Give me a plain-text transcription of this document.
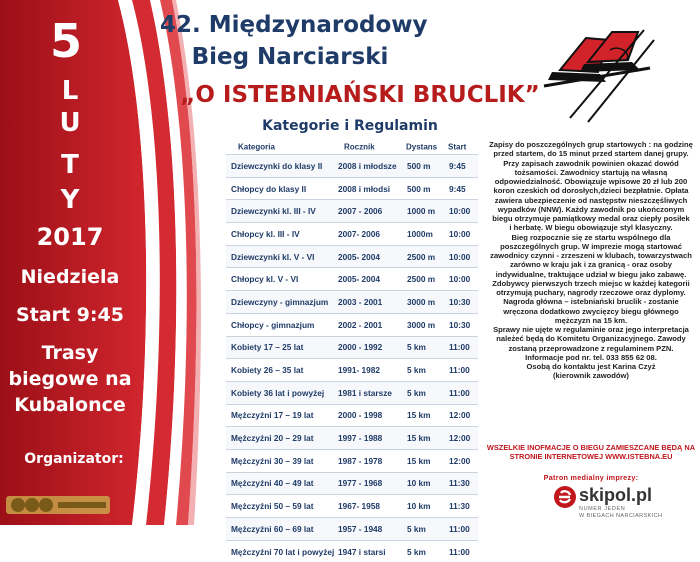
5
L
U
T
Y
2017
Niedziela
Start 9:45
Trasy
biegowe na
Kubalonce
Organizator:
42. Międzynarodowy
Bieg Narciarski
„O ISTEBNIAŃSKI BRUCLIK”
Kategorie i Regulamin
Kategoria	Rocznik	Dystans Start
Dziewczynki do klasy II 2008 i młodsze 500 m 9:45
Chłopcy do klasy II	2008 i młodsi 500 m 9:45
Dziewczynki kl. III - IV	2007 - 2006	1000 m 10:00
Chłopcy kl. III - IV	2007- 2006	1000m 10:00
Dziewczynki kl. V - VI	2005- 2004	2500 m 10:00
Chłopcy kl. V - VI	2005- 2004	2500 m 10:00
Dziewczyny - gimnazjum 2003 - 2001	3000 m 10:30
Chłopcy - gimnazjum	2002 - 2001	3000 m 10:30
Kobiety 17 – 25 lat	2000 - 1992	5 km	11:00
Kobiety 26 – 35 lat	1991- 1982	5 km	11:00
Kobiety 36 lat i powyżej 1981 i starsze 5 km	11:00
Mężczyźni 17 – 19 lat	2000 - 1998	15 km 12:00
Mężczyźni 20 – 29 lat	1997 - 1988	15 km 12:00
Mężczyźni 30 – 39 lat	1987 - 1978	15 km 12:00
Mężczyźni 40 – 49 lat	1977 - 1968	10 km 11:30
Mężczyźni 50 – 59 lat	1967- 1958	10 km 11:30
Mężczyźni 60 – 69 lat	1957 - 1948	5 km	11:00
Mężczyźni 70 lat i powyżej 1947 i starsi	5 km	11:00
Zapisy do poszczególnych grup startowych : na godzinę
przed startem, do 15 minut przed startem danej grupy.
Przy zapisach zawodnik powinien okazać dowód
tożsamości. Zawodnicy startują na własną
odpowiedzialność. Obowiązuje wpisowe 20 zł lub 200
koron czeskich od dorosłych,dzieci bezpłatnie. Opłata
zawiera ubezpieczenie od następstw nieszczęśliwych
wypadków (NNW). Każdy zawodnik po ukończonym
biegu otrzymuje pamiątkowy medal oraz ciepły posiłek
i herbatę. W biegu obowiązuje styl klasyczny.
Bieg rozpocznie się ze startu wspólnego dla
poszczególnych grup. W imprezie mogą startować
zawodnicy czynni - zrzeszeni w klubach, towarzystwach
zarówno w kraju jak i za granicą - oraz osoby
indywidualne, traktujące udział w biegu jako zabawę.
Zdobywcy pierwszych trzech miejsc w każdej kategorii
otrzymują puchary, nagrody rzeczowe oraz dyplomy.
Nagroda główna – istebniański bruclik - zostanie
wręczona dodatkowo zwycięzcy biegu głównego
mężczyzn na 15 km.
Sprawy nie ujęte w regulaminie oraz jego interpretacja
należeć będą do Komitetu Organizacyjnego. Zawody
zostaną przeprowadzone z regulaminem PZN.
Informacje pod nr. tel. 033 855 62 08.
Osobą do kontaktu jest Karina Czyż
(kierownik zawodów)
WSZELKIE INOFMACJE O BIEGU ZAMIESZCANE BĘDĄ NA
STRONIE INTERNETOWEJ WWW.ISTEBNA.EU
Patron medialny imprezy:
skipol.pl
NUMER JEDEN
W BIEGACH NARCIARSKICH
